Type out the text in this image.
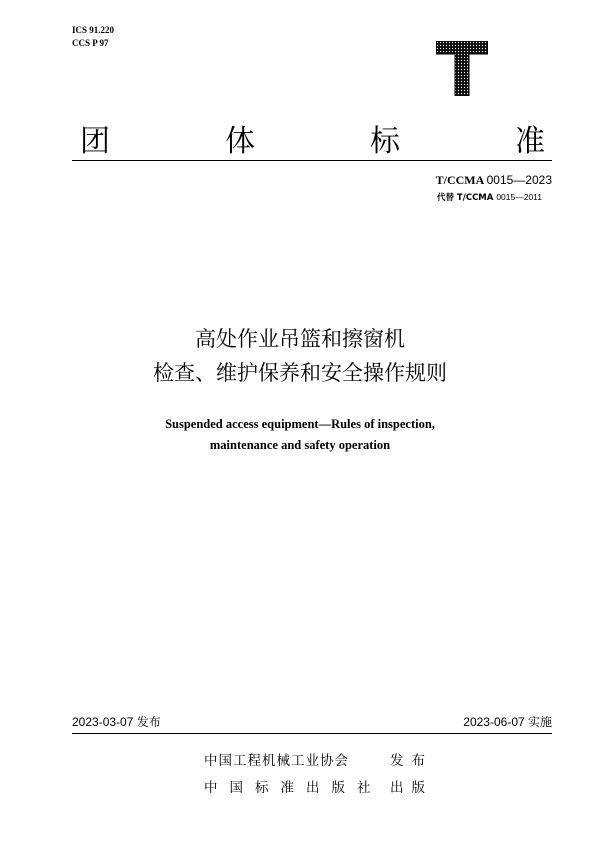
ICS 91.220
CCS P 97
团	体	标	准
T/CCMA 0015—2023
代替 T/CCMA 0015—2011
高处作业吊篮和擦窗机
检查、维护保养和安全操作规则
Suspended access equipment—Rules of inspection,
maintenance and safety operation
2023-03-07 发布	2023-06-07 实施
中国工程机械工业协会	发布
中国标准出版社 出版
